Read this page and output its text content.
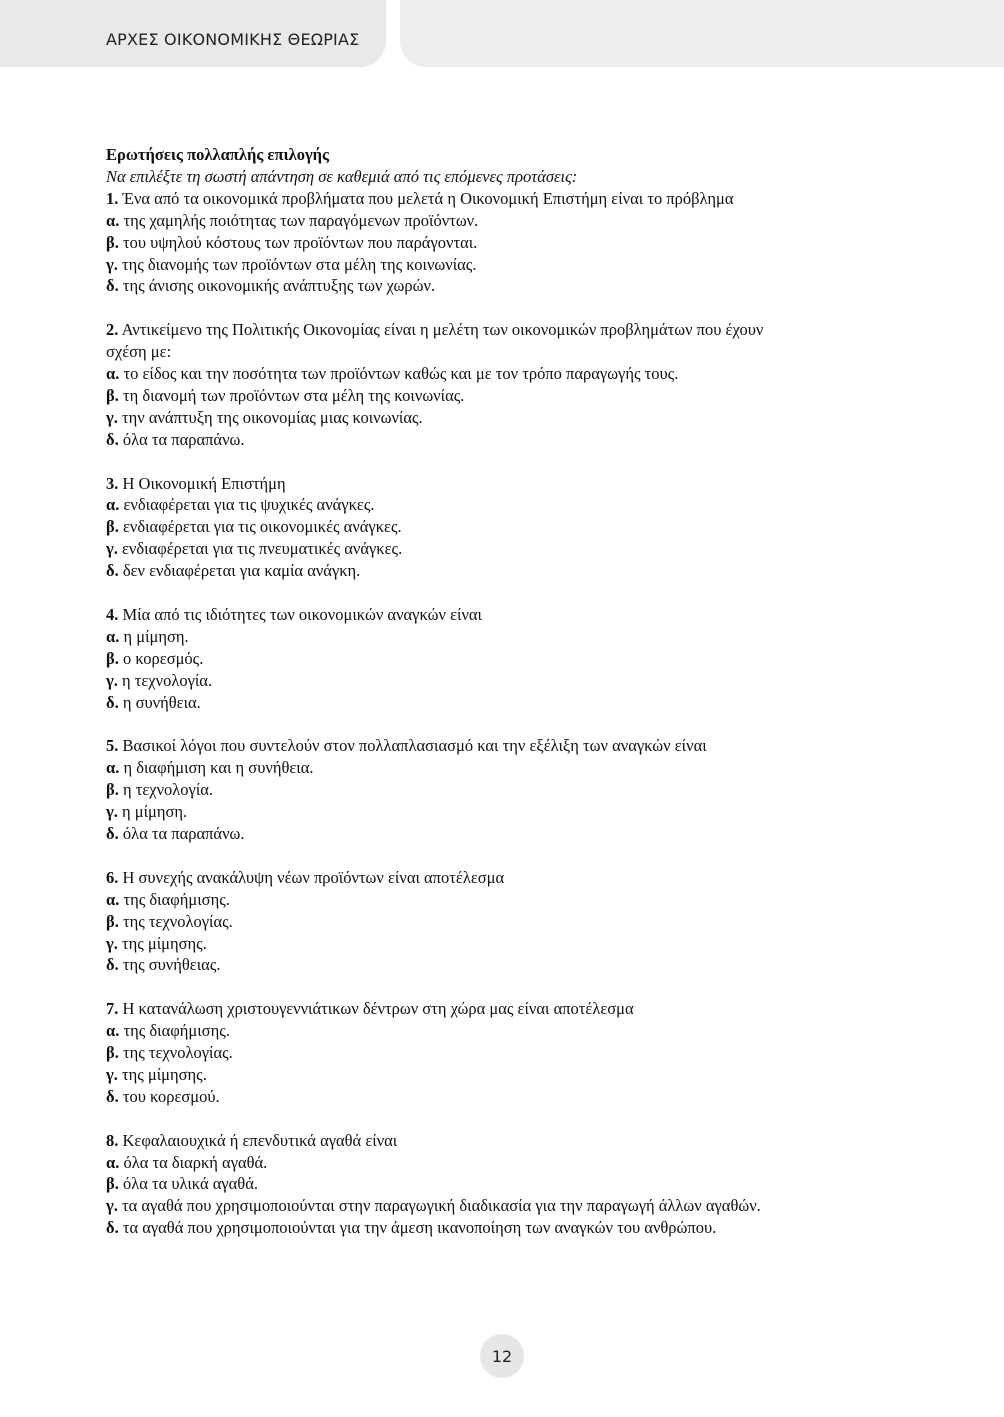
ΑΡΧΕΣ ΟΙΚΟΝΟΜΙΚΗΣ ΘΕΩΡΙΑΣ
Ερωτήσεις πολλαπλής επιλογής
Να επιλέξτε τη σωστή απάντηση σε καθεμιά από τις επόμενες προτάσεις:
1. Ένα από τα οικονομικά προβλήματα που μελετά η Οικονομική Επιστήμη είναι το πρόβλημα
α. της χαμηλής ποιότητας των παραγόμενων προϊόντων.
β. του υψηλού κόστους των προϊόντων που παράγονται.
γ. της διανομής των προϊόντων στα μέλη της κοινωνίας.
δ. της άνισης οικονομικής ανάπτυξης των χωρών.
2. Αντικείμενο της Πολιτικής Οικονομίας είναι η μελέτη των οικονομικών προβλημάτων που έχουν
σχέση με:
α. το είδος και την ποσότητα των προϊόντων καθώς και με τον τρόπο παραγωγής τους.
β. τη διανομή των προϊόντων στα μέλη της κοινωνίας.
γ. την ανάπτυξη της οικονομίας μιας κοινωνίας.
δ. όλα τα παραπάνω.
3. Η Οικονομική Επιστήμη
α. ενδιαφέρεται για τις ψυχικές ανάγκες.
β. ενδιαφέρεται για τις οικονομικές ανάγκες.
γ. ενδιαφέρεται για τις πνευματικές ανάγκες.
δ. δεν ενδιαφέρεται για καμία ανάγκη.
4. Μία από τις ιδιότητες των οικονομικών αναγκών είναι
α. η μίμηση.
β. ο κορεσμός.
γ. η τεχνολογία.
δ. η συνήθεια.
5. Βασικοί λόγοι που συντελούν στον πολλαπλασιασμό και την εξέλιξη των αναγκών είναι
α. η διαφήμιση και η συνήθεια.
β. η τεχνολογία.
γ. η μίμηση.
δ. όλα τα παραπάνω.
6. Η συνεχής ανακάλυψη νέων προϊόντων είναι αποτέλεσμα
α. της διαφήμισης.
β. της τεχνολογίας.
γ. της μίμησης.
δ. της συνήθειας.
7. Η κατανάλωση χριστουγεννιάτικων δέντρων στη χώρα μας είναι αποτέλεσμα
α. της διαφήμισης.
β. της τεχνολογίας.
γ. της μίμησης.
δ. του κορεσμού.
8. Κεφαλαιουχικά ή επενδυτικά αγαθά είναι
α. όλα τα διαρκή αγαθά.
β. όλα τα υλικά αγαθά.
γ. τα αγαθά που χρησιμοποιούνται στην παραγωγική διαδικασία για την παραγωγή άλλων αγαθών.
δ. τα αγαθά που χρησιμοποιούνται για την άμεση ικανοποίηση των αναγκών του ανθρώπου.
12
